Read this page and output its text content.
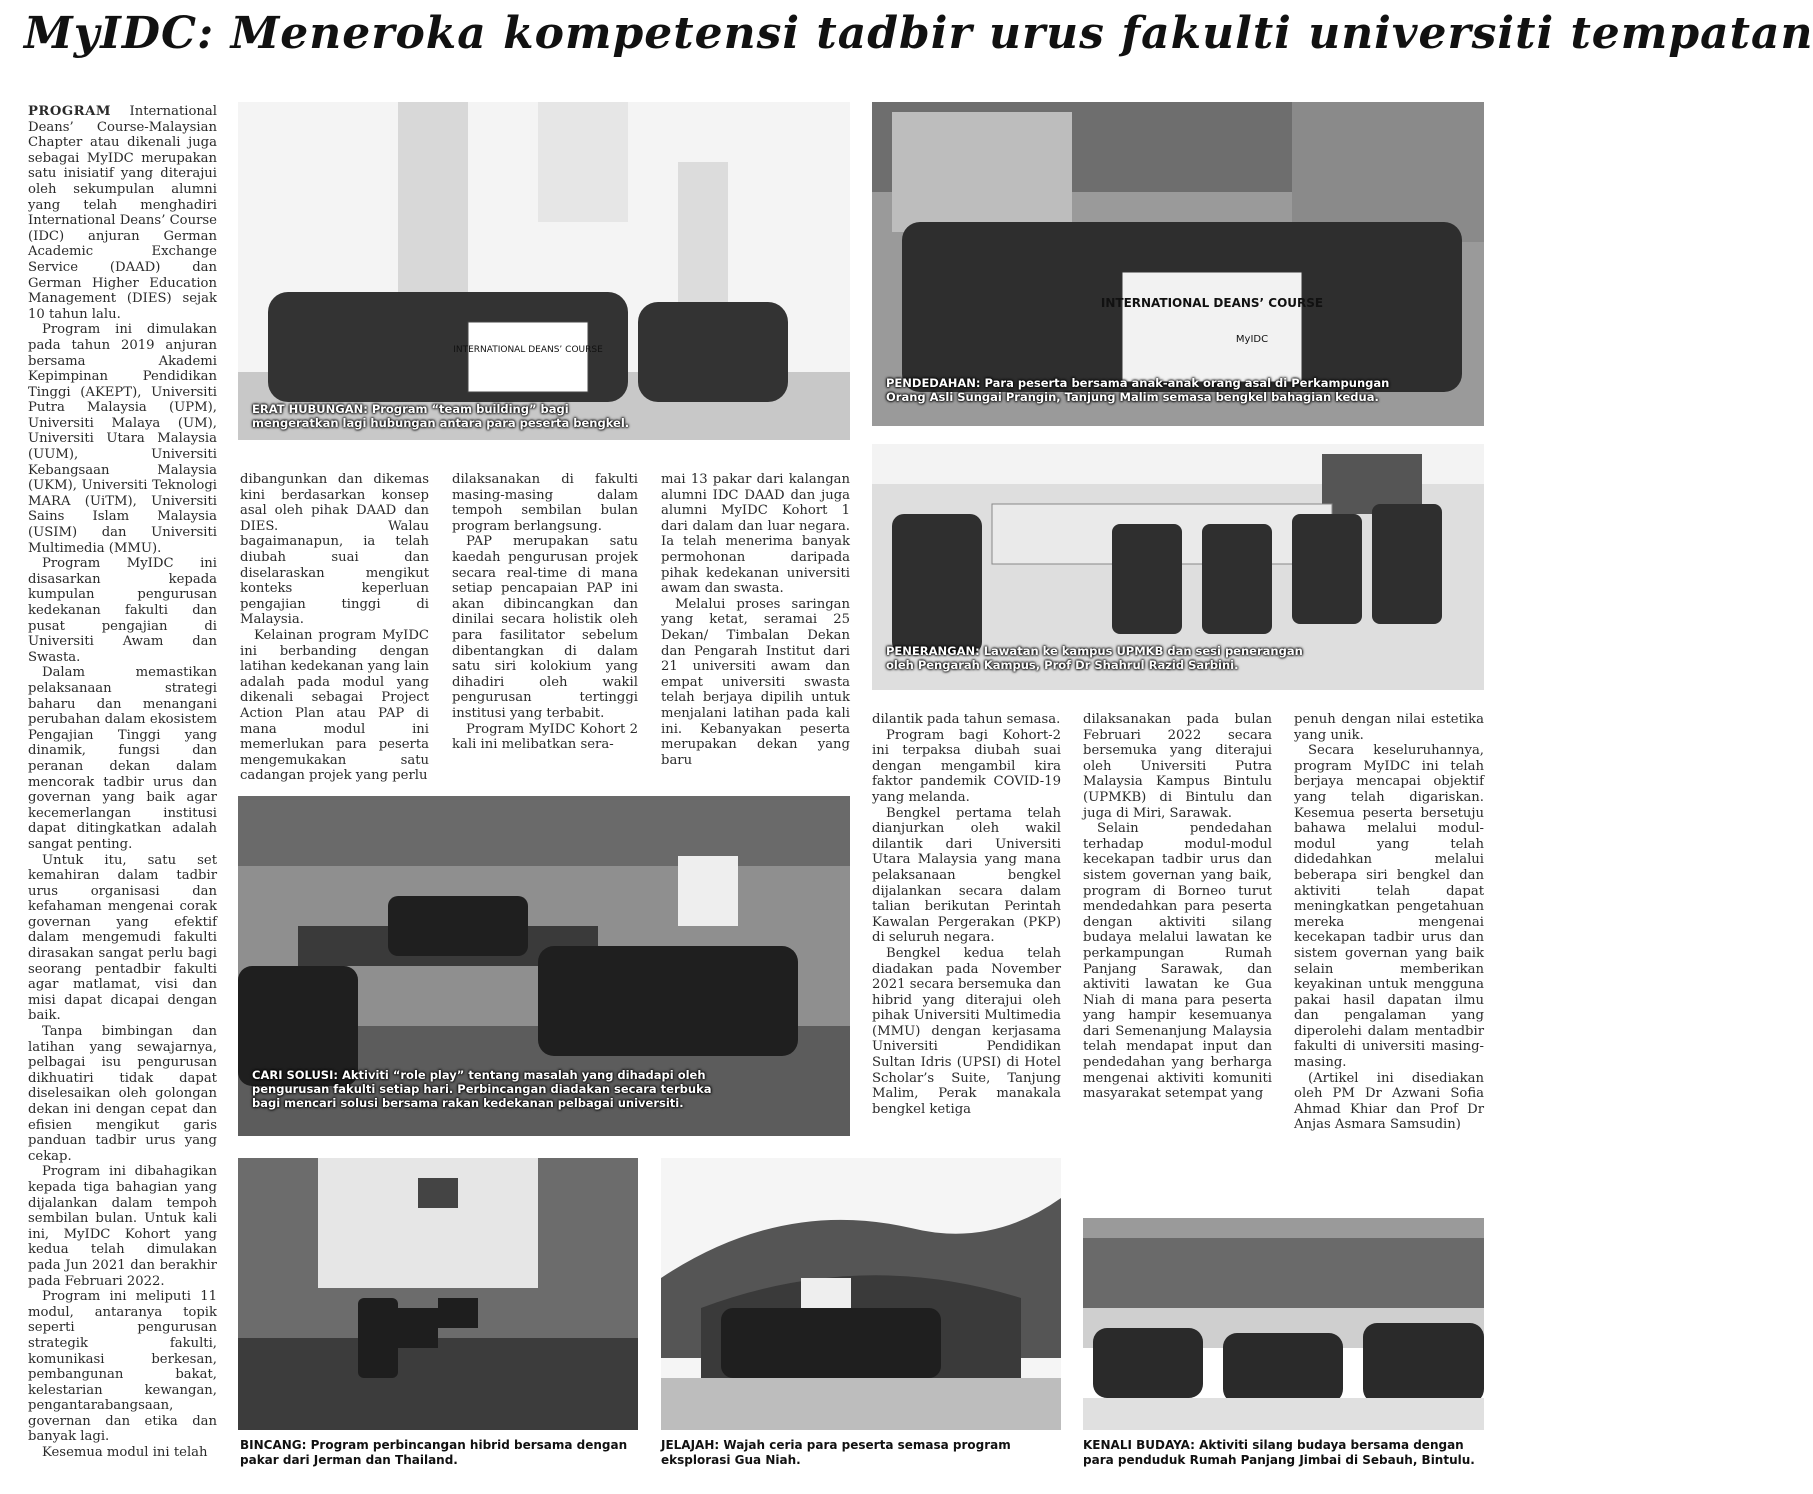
MyIDC: Meneroka kompetensi tadbir urus fakulti universiti tempatan

PROGRAM International Deans’ Course-Malaysian Chapter atau dikenali juga sebagai MyIDC merupakan satu inisiatif yang diterajui oleh sekumpulan alumni yang telah menghadiri International Deans’ Course (IDC) anjuran German Academic Exchange Service (DAAD) dan German Higher Education Management (DIES) sejak 10 tahun lalu.

Program ini dimulakan pada tahun 2019 anjuran bersama Akademi Kepimpinan Pendidikan Tinggi (AKEPT), Universiti Putra Malaysia (UPM), Universiti Malaya (UM), Universiti Utara Malaysia (UUM), Universiti Kebangsaan Malaysia (UKM), Universiti Teknologi MARA (UiTM), Universiti Sains Islam Malaysia (USIM) dan Universiti Multimedia (MMU).

Program MyIDC ini disasarkan kepada kumpulan pengurusan kedekanan fakulti dan pusat pengajian di Universiti Awam dan Swasta.

Dalam memastikan pelaksanaan strategi baharu dan menangani perubahan dalam ekosistem Pengajian Tinggi yang dinamik, fungsi dan peranan dekan dalam mencorak tadbir urus dan governan yang baik agar kecemerlangan institusi dapat ditingkatkan adalah sangat penting.

Untuk itu, satu set kemahiran dalam tadbir urus organisasi dan kefahaman mengenai corak governan yang efektif dalam mengemudi fakulti dirasakan sangat perlu bagi seorang pentadbir fakulti agar matlamat, visi dan misi dapat dicapai dengan baik.

Tanpa bimbingan dan latihan yang sewajarnya, pelbagai isu pengurusan dikhuatiri tidak dapat diselesaikan oleh golongan dekan ini dengan cepat dan efisien mengikut garis panduan tadbir urus yang cekap.

Program ini dibahagikan kepada tiga bahagian yang dijalankan dalam tempoh sembilan bulan. Untuk kali ini, MyIDC Kohort yang kedua telah dimulakan pada Jun 2021 dan berakhir pada Februari 2022.

Program ini meliputi 11 modul, antaranya topik seperti pengurusan strategik fakulti, komunikasi berkesan, pembangunan bakat, kelestarian kewangan, pengantarabangsaan, governan dan etika dan banyak lagi.

Kesemua modul ini telah

INTERNATIONAL DEANS’ COURSE
ERAT HUBUNGAN: Program “team building” bagi mengeratkan lagi hubungan antara para peserta bengkel.
INTERNATIONAL DEANS’ COURSE
MyIDC
PENDEDAHAN: Para peserta bersama anak-anak orang asal di Perkampungan Orang Asli Sungai Prangin, Tanjung Malim semasa bengkel bahagian kedua.
PENERANGAN: Lawatan ke kampus UPMKB dan sesi penerangan oleh Pengarah Kampus, Prof Dr Shahrul Razid Sarbini.

dibangunkan dan dikemas kini berdasarkan konsep asal oleh pihak DAAD dan DIES. Walau bagaimanapun, ia telah diubah suai dan diselaraskan mengikut konteks keperluan pengajian tinggi di Malaysia.

Kelainan program MyIDC ini berbanding dengan latihan kedekanan yang lain adalah pada modul yang dikenali sebagai Project Action Plan atau PAP di mana modul ini memerlukan para peserta mengemukakan satu cadangan projek yang perlu

dilaksanakan di fakulti masing-masing dalam tempoh sembilan bulan program berlangsung.

PAP merupakan satu kaedah pengurusan projek secara real-time di mana setiap pencapaian PAP ini akan dibincangkan dan dinilai secara holistik oleh para fasilitator sebelum dibentangkan di dalam satu siri kolokium yang dihadiri oleh wakil pengurusan tertinggi institusi yang terbabit.

Program MyIDC Kohort 2 kali ini melibatkan sera-

mai 13 pakar dari kalangan alumni IDC DAAD dan juga alumni MyIDC Kohort 1 dari dalam dan luar negara. Ia telah menerima banyak permohonan daripada pihak kedekanan universiti awam dan swasta.

Melalui proses saringan yang ketat, seramai 25 Dekan/ Timbalan Dekan dan Pengarah Institut dari 21 universiti awam dan empat universiti swasta telah berjaya dipilih untuk menjalani latihan pada kali ini. Kebanyakan peserta merupakan dekan yang baru

CARI SOLUSI: Aktiviti “role play” tentang masalah yang dihadapi oleh pengurusan fakulti setiap hari. Perbincangan diadakan secara terbuka bagi mencari solusi bersama rakan kedekanan pelbagai universiti.

dilantik pada tahun semasa.

Program bagi Kohort-2 ini terpaksa diubah suai dengan mengambil kira faktor pandemik COVID-19 yang melanda.

Bengkel pertama telah dianjurkan oleh wakil dilantik dari Universiti Utara Malaysia yang mana pelaksanaan bengkel dijalankan secara dalam talian berikutan Perintah Kawalan Pergerakan (PKP) di seluruh negara.

Bengkel kedua telah diadakan pada November 2021 secara bersemuka dan hibrid yang diterajui oleh pihak Universiti Multimedia (MMU) dengan kerjasama Universiti Pendidikan Sultan Idris (UPSI) di Hotel Scholar’s Suite, Tanjung Malim, Perak manakala bengkel ketiga

dilaksanakan pada bulan Februari 2022 secara bersemuka yang diterajui oleh Universiti Putra Malaysia Kampus Bintulu (UPMKB) di Bintulu dan juga di Miri, Sarawak.

Selain pendedahan terhadap modul-modul kecekapan tadbir urus dan sistem governan yang baik, program di Borneo turut mendedahkan para peserta dengan aktiviti silang budaya melalui lawatan ke perkampungan Rumah Panjang Sarawak, dan aktiviti lawatan ke Gua Niah di mana para peserta yang hampir kesemuanya dari Semenanjung Malaysia telah mendapat input dan pendedahan yang berharga mengenai aktiviti komuniti masyarakat setempat yang

penuh dengan nilai estetika yang unik.

Secara keseluruhannya, program MyIDC ini telah berjaya mencapai objektif yang telah digariskan. Kesemua peserta bersetuju bahawa melalui modul-modul yang telah didedahkan melalui beberapa siri bengkel dan aktiviti telah dapat meningkatkan pengetahuan mereka mengenai kecekapan tadbir urus dan sistem governan yang baik selain memberikan keyakinan untuk mengguna pakai hasil dapatan ilmu dan pengalaman yang diperolehi dalam mentadbir fakulti di universiti masing-masing.

(Artikel ini disediakan oleh PM Dr Azwani Sofia Ahmad Khiar dan Prof Dr Anjas Asmara Samsudin)

BINCANG: Program perbincangan hibrid bersama dengan pakar dari Jerman dan Thailand.
JELAJAH: Wajah ceria para peserta semasa program eksplorasi Gua Niah.
KENALI BUDAYA: Aktiviti silang budaya bersama dengan para penduduk Rumah Panjang Jimbai di Sebauh, Bintulu.
